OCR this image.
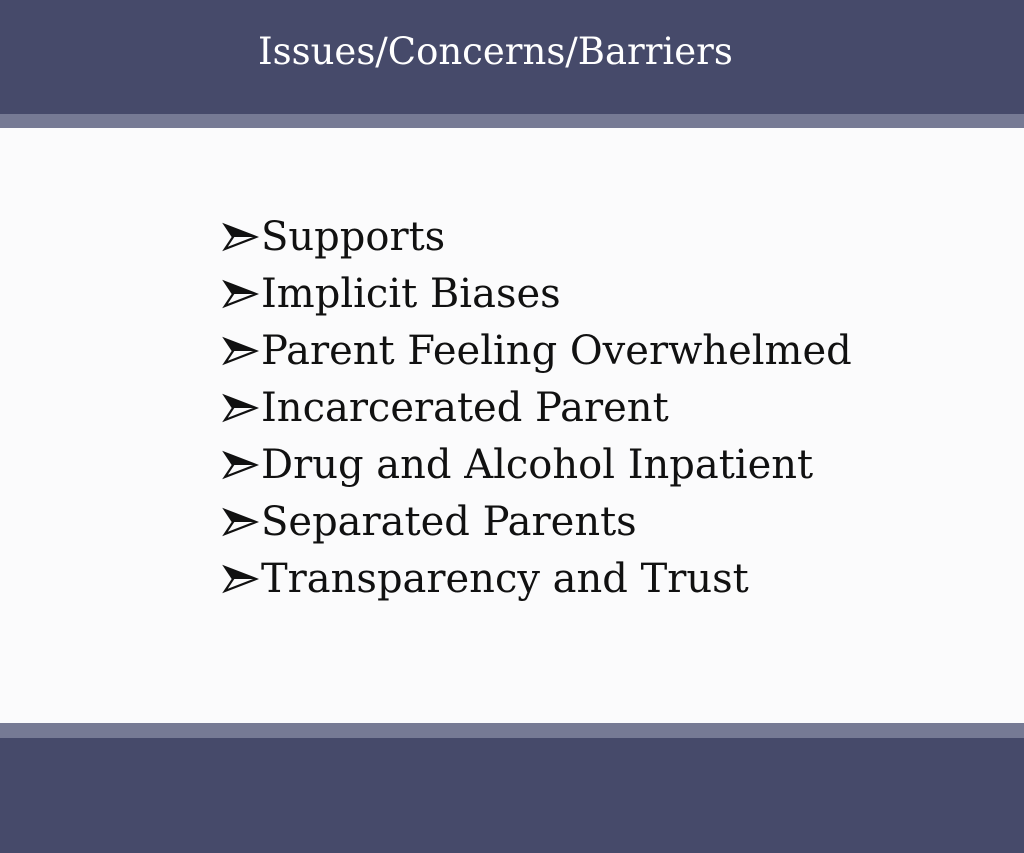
Issues/Concerns/Barriers
Supports
Implicit Biases
Parent Feeling Overwhelmed
Incarcerated Parent
Drug and Alcohol Inpatient
Separated Parents
Transparency and Trust
